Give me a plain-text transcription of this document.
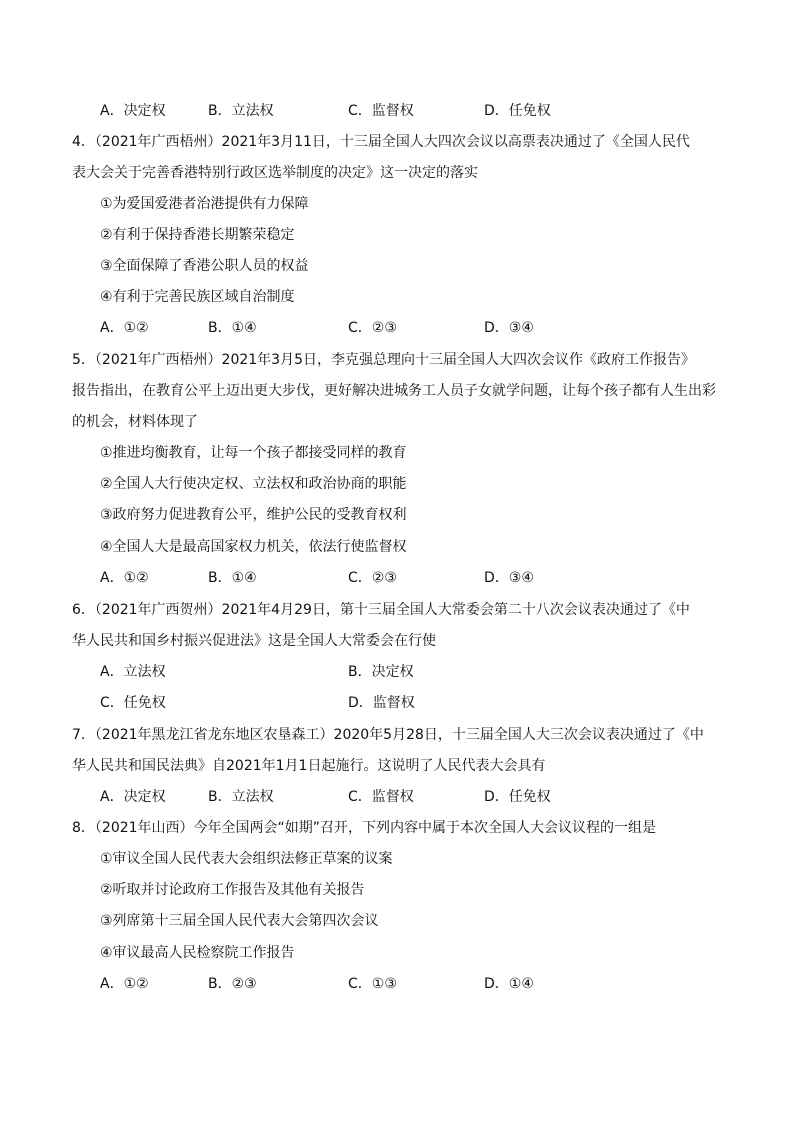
A．决定权	B．立法权	C．监督权	D．任免权
4．（2021年广西梧州）2021年3月11日，十三届全国人大四次会议以高票表决通过了《全国人民代
表大会关于完善香港特别行政区选举制度的决定》这一决定的落实
①为爱国爱港者治港提供有力保障
②有利于保持香港长期繁荣稳定
③全面保障了香港公职人员的权益
④有利于完善民族区域自治制度
A．①②	B．①④	C．②③	D．③④
5．（2021年广西梧州）2021年3月5日，李克强总理向十三届全国人大四次会议作《政府工作报告》
报告指出，在教育公平上迈出更大步伐，更好解决进城务工人员子女就学问题，让每个孩子都有人生出彩
的机会，材料体现了
①推进均衡教育，让每一个孩子都接受同样的教育
②全国人大行使决定权、立法权和政治协商的职能
③政府努力促进教育公平，维护公民的受教育权利
④全国人大是最高国家权力机关，依法行使监督权
A．①②	B．①④	C．②③	D．③④
6．（2021年广西贺州）2021年4月29日，第十三届全国人大常委会第二十八次会议表决通过了《中
华人民共和国乡村振兴促进法》这是全国人大常委会在行使
A．立法权	B．决定权
C．任免权	D．监督权
7．（2021年黑龙江省龙东地区农垦森工）2020年5月28日，十三届全国人大三次会议表决通过了《中
华人民共和国民法典》自2021年1月1日起施行。这说明了人民代表大会具有
A．决定权	B．立法权	C．监督权	D．任免权
8．（2021年山西）今年全国两会“如期”召开，下列内容中属于本次全国人大会议议程的一组是
①审议全国人民代表大会组织法修正草案的议案
②听取并讨论政府工作报告及其他有关报告
③列席第十三届全国人民代表大会第四次会议
④审议最高人民检察院工作报告
A．①②	B．②③	C．①③	D．①④
